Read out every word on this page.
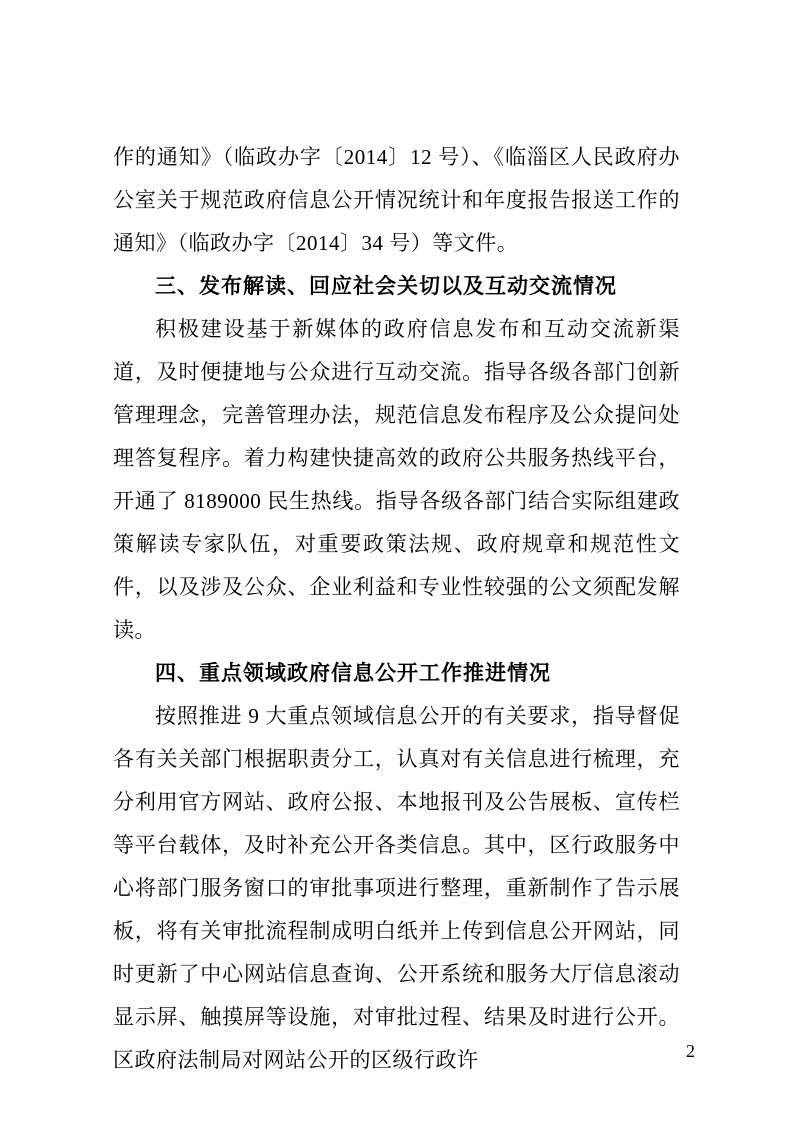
作的通知》（临政办字〔2014〕12 号）、《临淄区人民政府办公室关于规范政府信息公开情况统计和年度报告报送工作的通知》（临政办字〔2014〕34 号）等文件。

三、发布解读、回应社会关切以及互动交流情况

积极建设基于新媒体的政府信息发布和互动交流新渠道，及时便捷地与公众进行互动交流。指导各级各部门创新管理理念，完善管理办法，规范信息发布程序及公众提问处理答复程序。着力构建快捷高效的政府公共服务热线平台，开通了 8189000 民生热线。指导各级各部门结合实际组建政策解读专家队伍，对重要政策法规、政府规章和规范性文件，以及涉及公众、企业利益和专业性较强的公文须配发解读。

四、重点领域政府信息公开工作推进情况

按照推进 9 大重点领域信息公开的有关要求，指导督促各有关关部门根据职责分工，认真对有关信息进行梳理，充分利用官方网站、政府公报、本地报刊及公告展板、宣传栏等平台载体，及时补充公开各类信息。其中，区行政服务中心将部门服务窗口的审批事项进行整理，重新制作了告示展板，将有关审批流程制成明白纸并上传到信息公开网站，同时更新了中心网站信息查询、公开系统和服务大厅信息滚动显示屏、触摸屏等设施，对审批过程、结果及时进行公开。区政府法制局对网站公开的区级行政许	2
